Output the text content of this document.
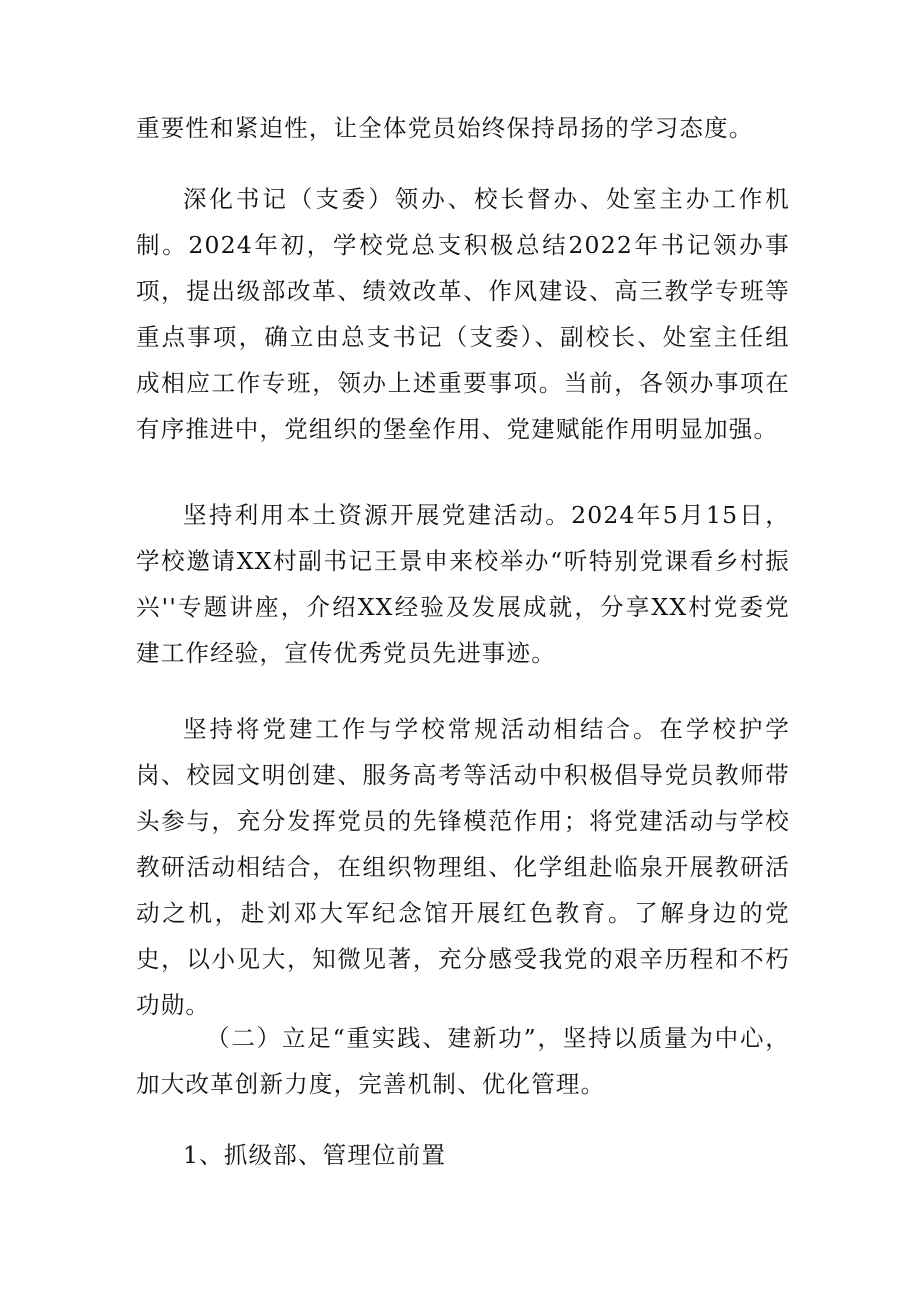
重要性和紧迫性，让全体党员始终保持昂扬的学习态度。

深化书记（支委）领办、校长督办、处室主办工作机制。2024年初，学校党总支积极总结2022年书记领办事项，提出级部改革、绩效改革、作风建设、高三教学专班等重点事项，确立由总支书记（支委）、副校长、处室主任组成相应工作专班，领办上述重要事项。当前，各领办事项在有序推进中，党组织的堡垒作用、党建赋能作用明显加强。

坚持利用本土资源开展党建活动。2024年5月15日，学校邀请XX村副书记王景申来校举办“听特别党课看乡村振兴''专题讲座，介绍XX经验及发展成就，分享XX村党委党建工作经验，宣传优秀党员先进事迹。

坚持将党建工作与学校常规活动相结合。在学校护学岗、校园文明创建、服务高考等活动中积极倡导党员教师带头参与，充分发挥党员的先锋模范作用；将党建活动与学校教研活动相结合，在组织物理组、化学组赴临泉开展教研活动之机，赴刘邓大军纪念馆开展红色教育。了解身边的党史，以小见大，知微见著，充分感受我党的艰辛历程和不朽功勋。

（二）立足“重实践、建新功”，坚持以质量为中心，加大改革创新力度，完善机制、优化管理。

1、抓级部、管理位前置
